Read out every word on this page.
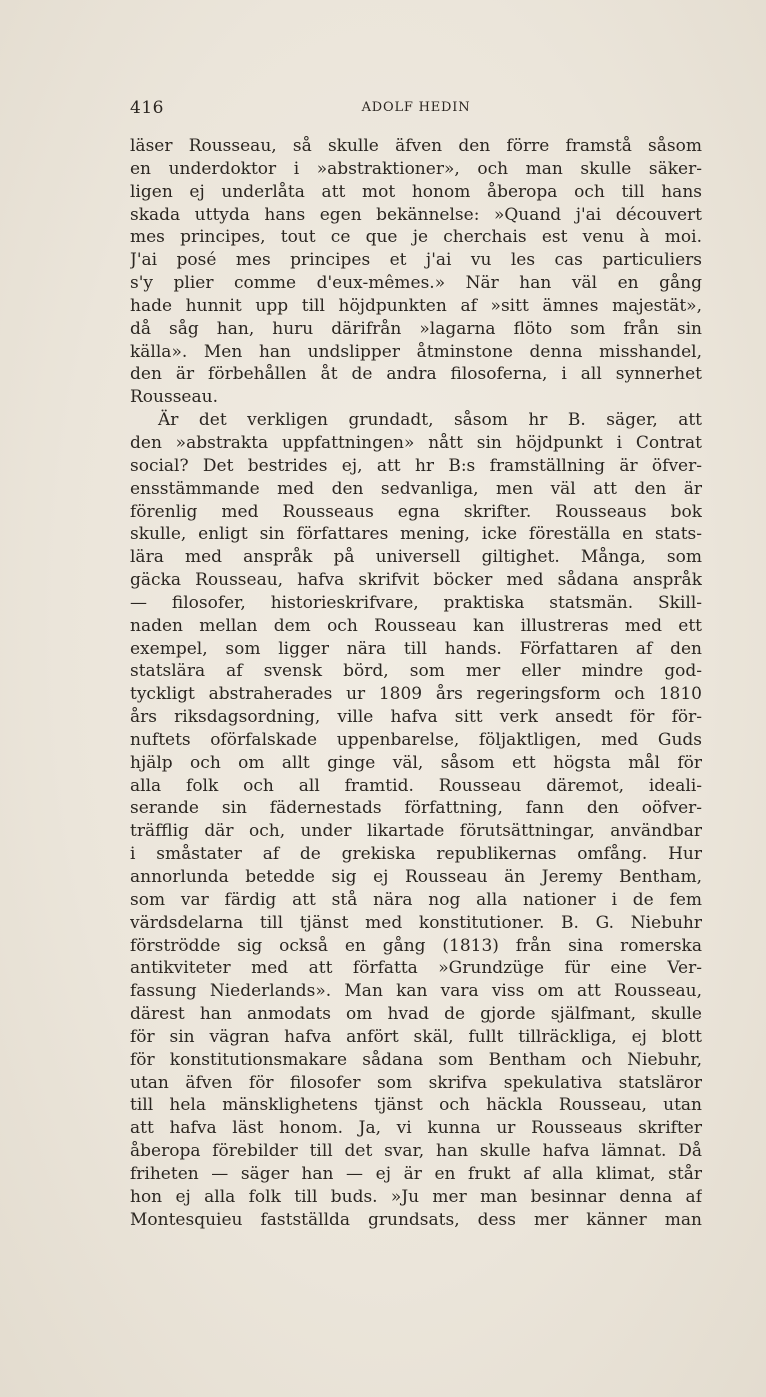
416	ADOLF HEDIN
läser Rousseau, så skulle äfven den förre framstå såsom
en underdoktor i »abstraktioner», och man skulle säker-
ligen ej underlåta att mot honom åberopa och till hans
skada uttyda hans egen bekännelse: »Quand j'ai découvert
mes principes, tout ce que je cherchais est venu à moi.
J'ai posé mes principes et j'ai vu les cas particuliers
s'y plier comme d'eux-mêmes.» När han väl en gång
hade hunnit upp till höjdpunkten af »sitt ämnes majestät»,
då såg han, huru därifrån »lagarna flöto som från sin
källa». Men han undslipper åtminstone denna misshandel,
den är förbehållen åt de andra filosoferna, i all synnerhet
Rousseau.
Är det verkligen grundadt, såsom hr B. säger, att
den »abstrakta uppfattningen» nått sin höjdpunkt i Contrat
social? Det bestrides ej, att hr B:s framställning är öfver-
ensstämmande med den sedvanliga, men väl att den är
förenlig med Rousseaus egna skrifter. Rousseaus bok
skulle, enligt sin författares mening, icke föreställa en stats-
lära med anspråk på universell giltighet. Många, som
gäcka Rousseau, hafva skrifvit böcker med sådana anspråk
— filosofer, historieskrifvare, praktiska statsmän. Skill-
naden mellan dem och Rousseau kan illustreras med ett
exempel, som ligger nära till hands. Författaren af den
statslära af svensk börd, som mer eller mindre god-
tyckligt abstraherades ur 1809 års regeringsform och 1810
års riksdagsordning, ville hafva sitt verk ansedt för för-
nuftets oförfalskade uppenbarelse, följaktligen, med Guds
hjälp och om allt ginge väl, såsom ett högsta mål för
alla folk och all framtid. Rousseau däremot, ideali-
serande sin fädernestads författning, fann den oöfver-
träfflig där och, under likartade förutsättningar, användbar
i småstater af de grekiska republikernas omfång. Hur
annorlunda betedde sig ej Rousseau än Jeremy Bentham,
som var färdig att stå nära nog alla nationer i de fem
värdsdelarna till tjänst med konstitutioner. B. G. Niebuhr
förströdde sig också en gång (1813) från sina romerska
antikviteter med att författa »Grundzüge für eine Ver-
fassung Niederlands». Man kan vara viss om att Rousseau,
därest han anmodats om hvad de gjorde själfmant, skulle
för sin vägran hafva anfört skäl, fullt tillräckliga, ej blott
för konstitutionsmakare sådana som Bentham och Niebuhr,
utan äfven för filosofer som skrifva spekulativa statsläror
till hela mänsklighetens tjänst och häckla Rousseau, utan
att hafva läst honom. Ja, vi kunna ur Rousseaus skrifter
åberopa förebilder till det svar, han skulle hafva lämnat. Då
friheten — säger han — ej är en frukt af alla klimat, står
hon ej alla folk till buds. »Ju mer man besinnar denna af
Montesquieu fastställda grundsats, dess mer känner man
